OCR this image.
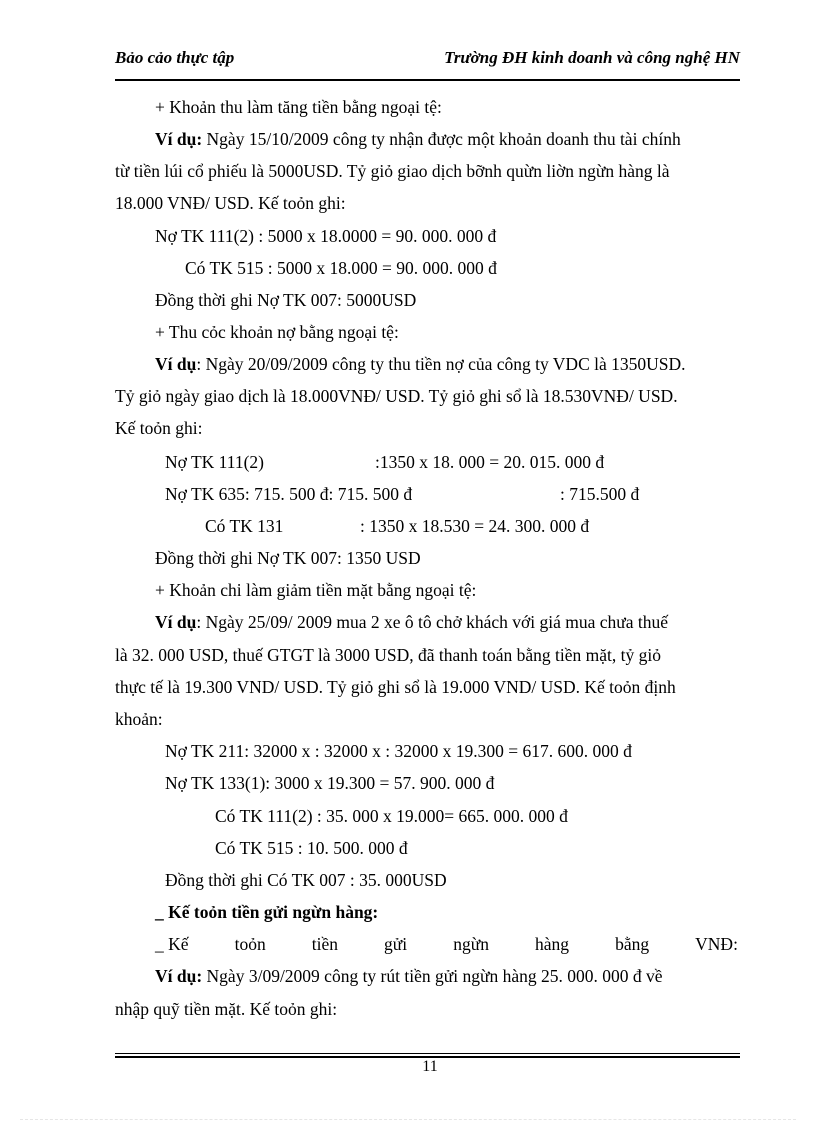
Bảo cảo thực tập	Trường ĐH kinh doanh và công nghệ HN
+ Khoản thu làm tăng tiền bằng ngoại tệ:
Ví dụ: Ngày 15/10/2009 công ty nhận được một khoản doanh thu tài chính
từ tiền lúi cổ phiếu là 5000USD. Tỷ giỏ giao dịch bỡnh quừn liờn ngừn hàng là
18.000 VNĐ/ USD. Kế toỏn ghi:
Nợ TK 111(2) : 5000 x 18.0000 = 90. 000. 000 đ
Có TK 515 : 5000 x 18.000 = 90. 000. 000 đ
Đồng thời ghi Nợ TK 007: 5000USD
+ Thu cỏc khoản nợ bằng ngoại tệ:
Ví dụ: Ngày 20/09/2009 công ty thu tiền nợ của công ty VDC là 1350USD.
Tỷ giỏ ngày giao dịch là 18.000VNĐ/ USD. Tỷ giỏ ghi sổ là 18.530VNĐ/ USD.
Kế toỏn ghi:
Nợ TK 111(2)	:1350 x 18. 000 = 20. 015. 000 đ
Nợ TK 635: 715. 500 đ: 715. 500 đ	: 715.500 đ
Có TK 131	: 1350 x 18.530 = 24. 300. 000 đ
Đồng thời ghi Nợ TK 007: 1350 USD
+ Khoản chi làm giảm tiền mặt bằng ngoại tệ:
Ví dụ: Ngày 25/09/ 2009 mua 2 xe ô tô chở khách với giá mua chưa thuế
là 32. 000 USD, thuế GTGT là 3000 USD, đã thanh toán bằng tiền mặt, tỷ giỏ
thực tế là 19.300 VND/ USD. Tỷ giỏ ghi sổ là 19.000 VND/ USD. Kế toỏn định
khoản:
Nợ TK 211: 32000 x : 32000 x : 32000 x 19.300 = 617. 600. 000 đ
Nợ TK 133(1): 3000 x 19.300 = 57. 900. 000 đ
Có TK 111(2) : 35. 000 x 19.000= 665. 000. 000 đ
Có TK 515 : 10. 500. 000 đ
Đồng thời ghi Có TK 007 : 35. 000USD
_ Kế toỏn tiền gửi ngừn hàng:
_ Kế	toỏn	tiền	gửi	ngừn	hàng	bằng	VNĐ:
Ví dụ: Ngày 3/09/2009 công ty rút tiền gửi ngừn hàng 25. 000. 000 đ về
nhập quỹ tiền mặt. Kế toỏn ghi:
11
